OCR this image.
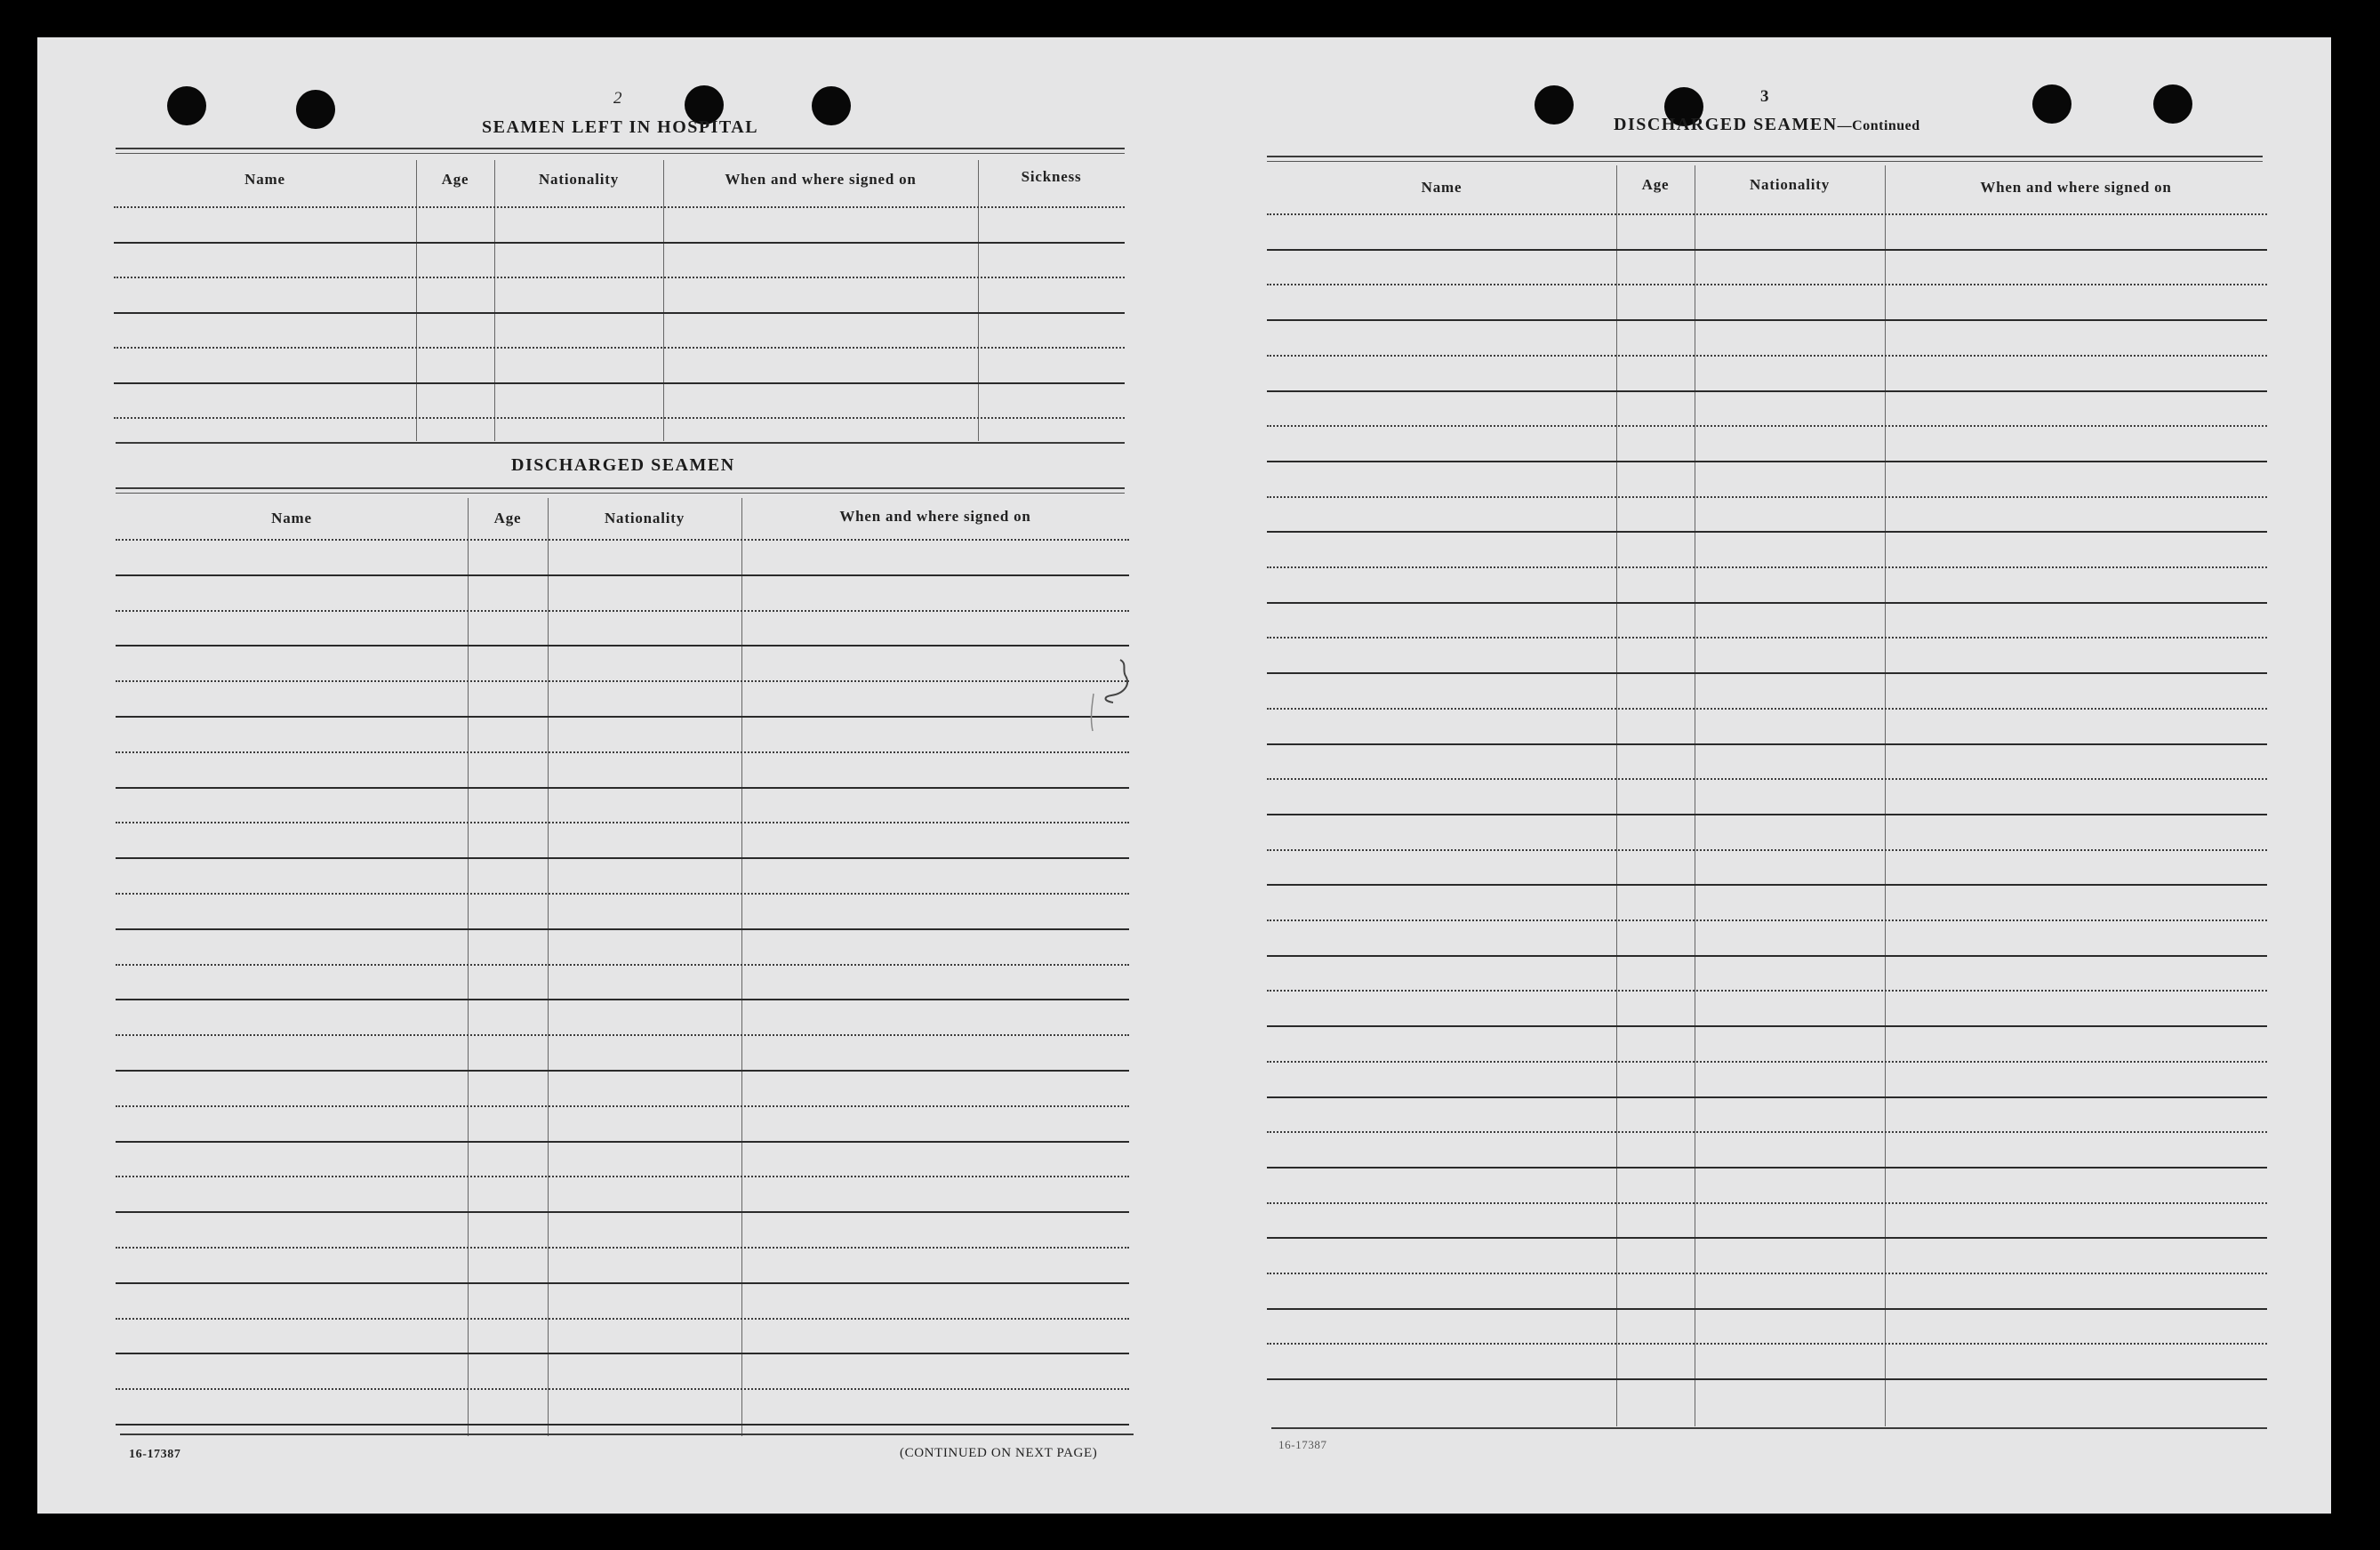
2
SEAMEN LEFT IN HOSPITAL
Name	Age	Nationality	When and where signed on	Sickness
DISCHARGED SEAMEN
Name	Age	Nationality	When and where signed on
16-17387	(CONTINUED ON NEXT PAGE)
3
DISCHARGED SEAMEN—Continued
Name	Age	Nationality	When and where signed on
16-17387
